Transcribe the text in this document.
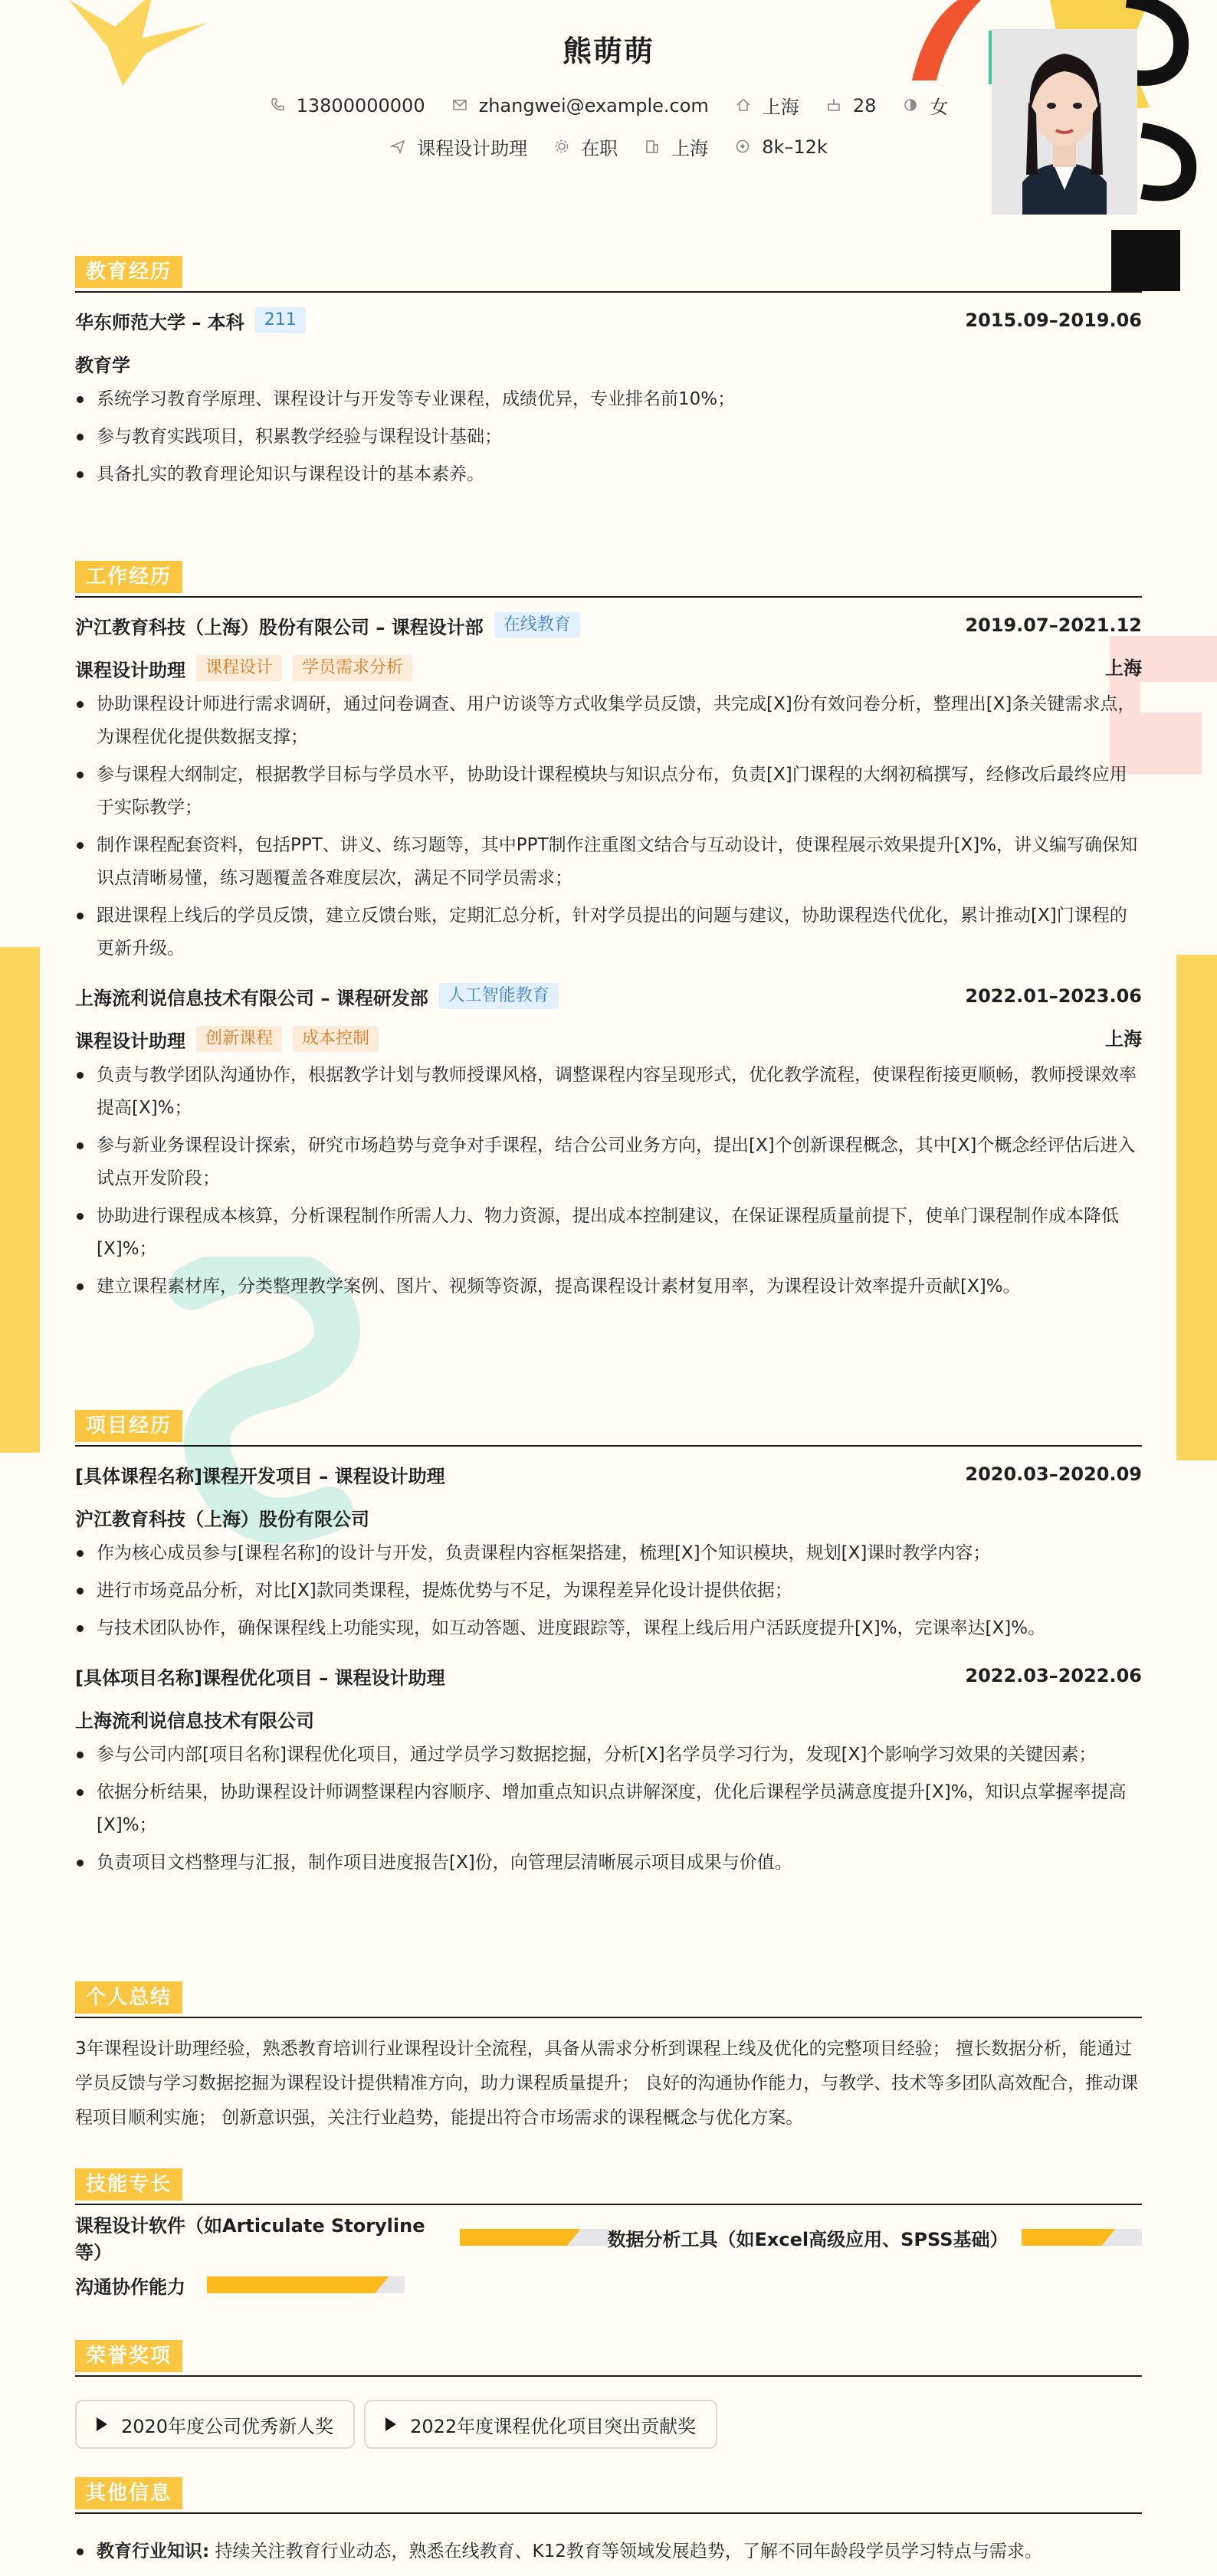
熊萌萌
13800000000	zhangwei@example.com	上海	28	女
课程设计助理	在职	上海	8k–12k
教育经历
华东师范大学 – 本科	211	2015.09–2019.06
教育学
系统学习教育学原理、课程设计与开发等专业课程，成绩优异，专业排名前10%；
参与教育实践项目，积累教学经验与课程设计基础；
具备扎实的教育理论知识与课程设计的基本素养。
工作经历
沪江教育科技（上海）股份有限公司 – 课程设计部	在线教育	2019.07–2021.12
课程设计助理	课程设计	学员需求分析	上海
协助课程设计师进行需求调研，通过问卷调查、用户访谈等方式收集学员反馈，共完成[X]份有效问卷分析，整理出[X]条关键需求点，为课程优化提供数据支撑；
参与课程大纲制定，根据教学目标与学员水平，协助设计课程模块与知识点分布，负责[X]门课程的大纲初稿撰写，经修改后最终应用于实际教学；
制作课程配套资料，包括PPT、讲义、练习题等，其中PPT制作注重图文结合与互动设计，使课程展示效果提升[X]%，讲义编写确保知识点清晰易懂，练习题覆盖各难度层次，满足不同学员需求；
跟进课程上线后的学员反馈，建立反馈台账，定期汇总分析，针对学员提出的问题与建议，协助课程迭代优化，累计推动[X]门课程的更新升级。
上海流利说信息技术有限公司 – 课程研发部	人工智能教育	2022.01–2023.06
课程设计助理	创新课程	成本控制	上海
负责与教学团队沟通协作，根据教学计划与教师授课风格，调整课程内容呈现形式，优化教学流程，使课程衔接更顺畅，教师授课效率提高[X]%；
参与新业务课程设计探索，研究市场趋势与竞争对手课程，结合公司业务方向，提出[X]个创新课程概念，其中[X]个概念经评估后进入试点开发阶段；
协助进行课程成本核算，分析课程制作所需人力、物力资源，提出成本控制建议，在保证课程质量前提下，使单门课程制作成本降低[X]%；
建立课程素材库，分类整理教学案例、图片、视频等资源，提高课程设计素材复用率，为课程设计效率提升贡献[X]%。
项目经历
[具体课程名称]课程开发项目 – 课程设计助理	2020.03–2020.09
沪江教育科技（上海）股份有限公司
作为核心成员参与[课程名称]的设计与开发，负责课程内容框架搭建，梳理[X]个知识模块，规划[X]课时教学内容；
进行市场竞品分析，对比[X]款同类课程，提炼优势与不足，为课程差异化设计提供依据；
与技术团队协作，确保课程线上功能实现，如互动答题、进度跟踪等，课程上线后用户活跃度提升[X]%，完课率达[X]%。
[具体项目名称]课程优化项目 – 课程设计助理	2022.03–2022.06
上海流利说信息技术有限公司
参与公司内部[项目名称]课程优化项目，通过学员学习数据挖掘，分析[X]名学员学习行为，发现[X]个影响学习效果的关键因素；
依据分析结果，协助课程设计师调整课程内容顺序、增加重点知识点讲解深度，优化后课程学员满意度提升[X]%，知识点掌握率提高[X]%；
负责项目文档整理与汇报，制作项目进度报告[X]份，向管理层清晰展示项目成果与价值。
个人总结
3年课程设计助理经验，熟悉教育培训行业课程设计全流程，具备从需求分析到课程上线及优化的完整项目经验； 擅长数据分析，能通过学员反馈与学习数据挖掘为课程设计提供精准方向，助力课程质量提升； 良好的沟通协作能力，与教学、技术等多团队高效配合，推动课程项目顺利实施； 创新意识强，关注行业趋势，能提出符合市场需求的课程概念与优化方案。
技能专长
课程设计软件（如Articulate Storyline等）
数据分析工具（如Excel高级应用、SPSS基础）
沟通协作能力
荣誉奖项
2020年度公司优秀新人奖	2022年度课程优化项目突出贡献奖
其他信息
教育行业知识: 持续关注教育行业动态，熟悉在线教育、K12教育等领域发展趋势，了解不同年龄段学员学习特点与需求。
